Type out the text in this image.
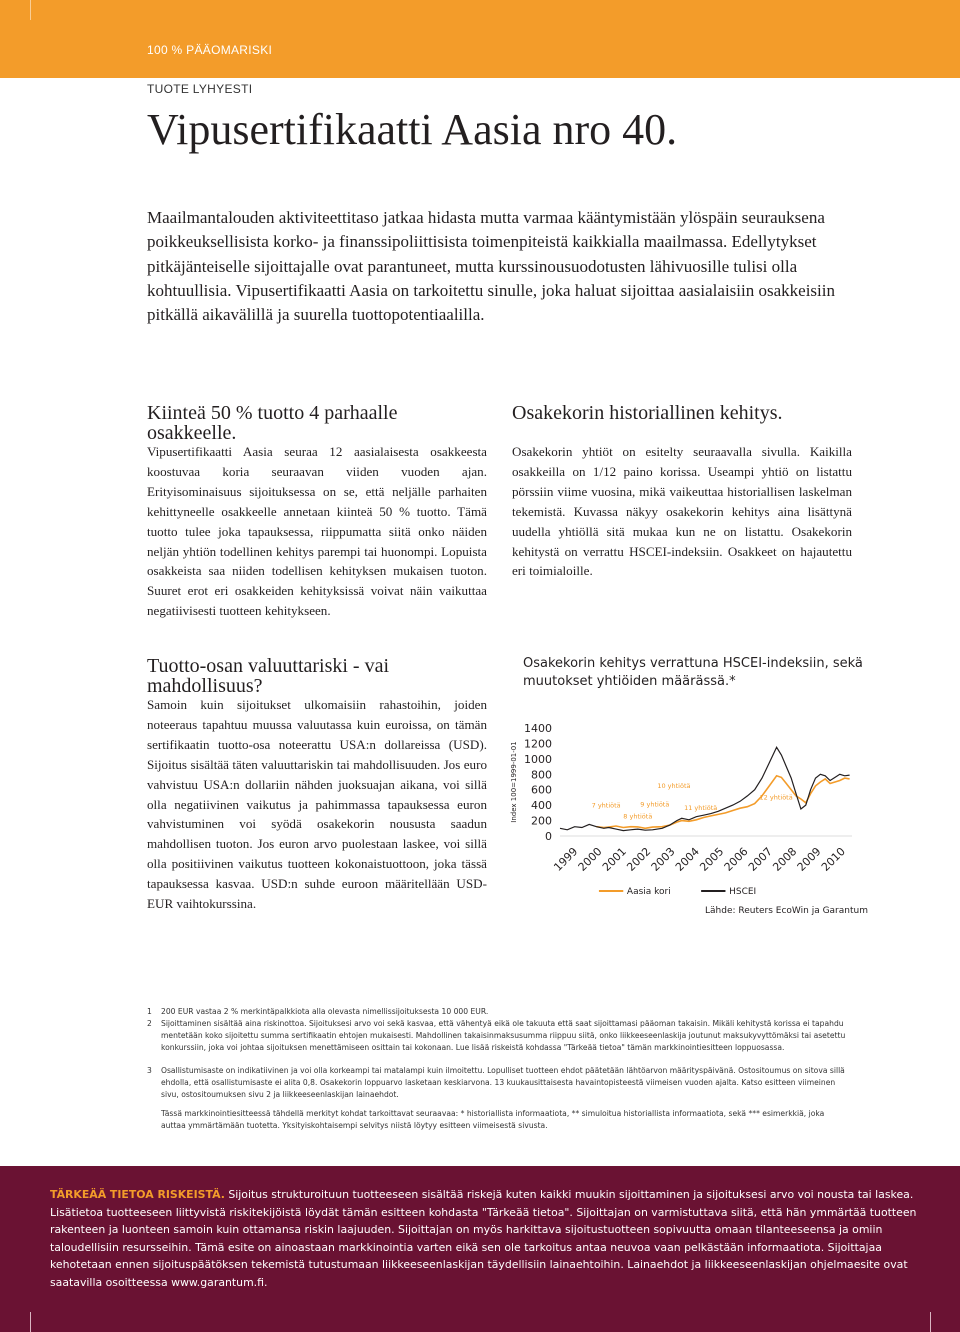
100 % PÄÄOMARISKI
TUOTE LYHYESTI
Vipusertifikaatti Aasia nro 40.
Maailmantalouden aktiviteettitaso jatkaa hidasta mutta varmaa kääntymistään ylöspäin seurauksena poikkeuksellisista korko- ja finanssipoliittisista toimenpiteistä kaikkialla maailmassa. Edellytykset pitkäjänteiselle sijoittajalle ovat parantuneet, mutta kurssinousuodotusten lähivuosille tulisi olla kohtuullisia. Vipusertifikaatti Aasia on tarkoitettu sinulle, joka haluat sijoittaa aasialaisiin osakkeisiin pitkällä aikavälillä ja suurella tuottopotentiaalilla.
Kiinteä 50 % tuotto 4 parhaalle osakkeelle.
Vipusertifikaatti Aasia seuraa 12 aasialaisesta osakkeesta koostuvaa koria seuraavan viiden vuoden ajan. Erityisominaisuus sijoituksessa on se, että neljälle parhaiten kehittyneelle osakkeelle annetaan kiinteä 50 % tuotto. Tämä tuotto tulee joka tapauksessa, riippumatta siitä onko näiden neljän yhtiön todellinen kehitys parempi tai huonompi. Lopuista osakkeista saa niiden todellisen kehityksen mukaisen tuoton. Suuret erot eri osakkeiden kehityksissä voivat näin vaikuttaa negatiivisesti tuotteen kehitykseen.
Tuotto-osan valuuttariski - vai mahdollisuus?
Samoin kuin sijoitukset ulkomaisiin rahastoihin, joiden noteeraus tapahtuu muussa valuutassa kuin euroissa, on tämän sertifikaatin tuotto-osa noteerattu USA:n dollareissa (USD). Sijoitus sisältää täten valuuttariskin tai mahdollisuuden. Jos euro vahvistuu USA:n dollariin nähden juoksuajan aikana, voi sillä olla negatiivinen vaikutus ja pahimmassa tapauksessa euron vahvistuminen voi syödä osakekorin noususta saadun mahdollisen tuoton. Jos euron arvo puolestaan laskee, voi sillä olla positiivinen vaikutus tuotteen kokonaistuottoon, joka tässä tapauksessa kasvaa. USD:n suhde euroon määritellään USD-EUR vaihtokurssina.
Osakekorin historiallinen kehitys.
Osakekorin yhtiöt on esitelty seuraavalla sivulla. Kaikilla osakkeilla on 1/12 paino korissa. Useampi yhtiö on listattu pörssiin viime vuosina, mikä vaikeuttaa historiallisen laskelman tekemistä. Kuvassa näkyy osakekorin kehitys aina lisättynä uudella yhtiöllä sitä mukaa kun ne on listattu. Osakekorin kehitystä on verrattu HSCEI-indeksiin. Osakkeet on hajautettu eri toimialoille.
Osakekorin kehitys verrattuna HSCEI-indeksiin, sekä muutokset yhtiöiden määrässä.*
Index 100=1999-01-01
0
200
400
600
800
1000
1200
1400
1999
2000
2001
2002
2003
2004
2005
2006
2007
2008
2009
2010
7 yhtiötä
8 yhtiötä
9 yhtiötä
10 yhtiötä
11 yhtiötä
12 yhtiötä
Aasia kori	HSCEI
Lähde: Reuters EcoWin ja Garantum
1 200 EUR vastaa 2 % merkintäpalkkiota alla olevasta nimellissijoituksesta 10 000 EUR.
2 Sijoittaminen sisältää aina riskinottoa. Sijoituksesi arvo voi sekä kasvaa, että vähentyä eikä ole takuuta että saat sijoittamasi pääoman takaisin. Mikäli kehitystä korissa ei tapahdu mentetään koko sijoitettu summa sertifikaatin ehtojen mukaisesti. Mahdollinen takaisinmaksusumma riippuu siitä, onko liikkeeseenlaskija joutunut maksukyvyttömäksi tai asetettu konkurssiin, joka voi johtaa sijoituksen menettämiseen osittain tai kokonaan. Lue lisää riskeistä kohdassa "Tärkeää tietoa" tämän markkinointiesitteen loppuosassa.
3 Osallistumisaste on indikatiivinen ja voi olla korkeampi tai matalampi kuin ilmoitettu. Lopulliset tuotteen ehdot päätetään lähtöarvon määrityspäivänä. Ostositoumus on sitova sillä ehdolla, että osallistumisaste ei alita 0,8. Osakekorin loppuarvo lasketaan keskiarvona. 13 kuukausittaisesta havaintopisteestä viimeisen vuoden ajalta. Katso esitteen viimeinen sivu, ostositoumuksen sivu 2 ja liikkeeseenlaskijan lainaehdot.
Tässä markkinointiesitteessä tähdellä merkityt kohdat tarkoittavat seuraavaa: * historiallista informaatiota, ** simuloitua historiallista informaatiota, sekä *** esimerkkiä, joka auttaa ymmärtämään tuotetta. Yksityiskohtaisempi selvitys niistä löytyy esitteen viimeisestä sivusta.
TÄRKEÄÄ TIETOA RISKEISTÄ. Sijoitus strukturoituun tuotteeseen sisältää riskejä kuten kaikki muukin sijoittaminen ja sijoituksesi arvo voi nousta tai laskea. Lisätietoa tuotteeseen liittyvistä riskitekijöistä löydät tämän esitteen kohdasta "Tärkeää tietoa". Sijoittajan on varmistuttava siitä, että hän ymmärtää tuotteen rakenteen ja luonteen samoin kuin ottamansa riskin laajuuden. Sijoittajan on myös harkittava sijoitustuotteen sopivuutta omaan tilanteeseensa ja omiin taloudellisiin resursseihin. Tämä esite on ainoastaan markkinointia varten eikä sen ole tarkoitus antaa neuvoa vaan pelkästään informaatiota. Sijoittajaa kehotetaan ennen sijoituspäätöksen tekemistä tutustumaan liikkeeseenlaskijan täydellisiin lainaehtoihin. Lainaehdot ja liikkeeseenlaskijan ohjelmaesite ovat saatavilla osoitteessa www.garantum.fi.
